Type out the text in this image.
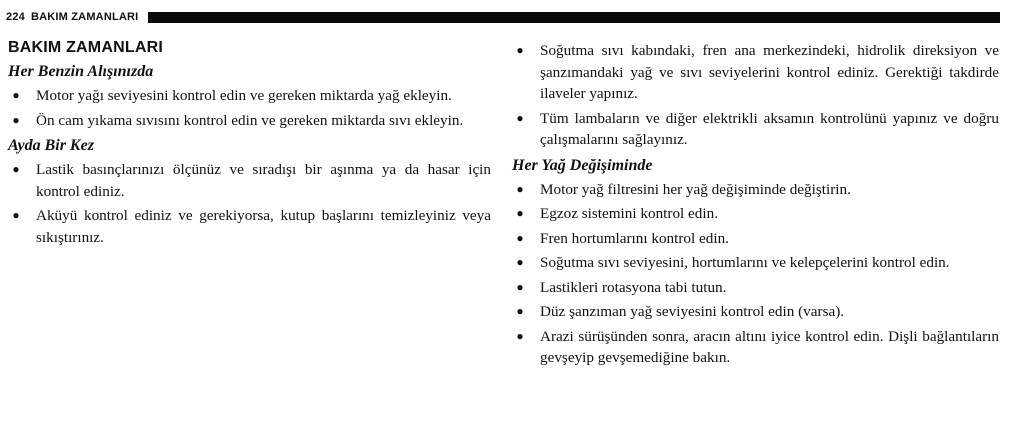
224 BAKIM ZAMANLARI
BAKIM ZAMANLARI
Her Benzin Alışınızda
● Motor yağı seviyesini kontrol edin ve gereken miktarda yağ ekleyin.
● Ön cam yıkama sıvısını kontrol edin ve gereken miktarda sıvı ekleyin.
Ayda Bir Kez
● Lastik basınçlarınızı ölçünüz ve sıradışı bir aşınma ya da hasar için kontrol ediniz.
● Aküyü kontrol ediniz ve gerekiyorsa, kutup başlarını temizleyiniz veya sıkıştırınız.
● Soğutma sıvı kabındaki, fren ana merkezindeki, hidrolik direksiyon ve şanzımandaki yağ ve sıvı seviyelerini kontrol ediniz. Gerektiği takdirde ilaveler yapınız.
● Tüm lambaların ve diğer elektrikli aksamın kontrolünü yapınız ve doğru çalışmalarını sağlayınız.
Her Yağ Değişiminde
● Motor yağ filtresini her yağ değişiminde değiştirin.
● Egzoz sistemini kontrol edin.
● Fren hortumlarını kontrol edin.
● Soğutma sıvı seviyesini, hortumlarını ve kelepçelerini kontrol edin.
● Lastikleri rotasyona tabi tutun.
● Düz şanzıman yağ seviyesini kontrol edin (varsa).
● Arazi sürüşünden sonra, aracın altını iyice kontrol edin. Dişli bağlantıların gevşeyip gevşemediğine bakın.
